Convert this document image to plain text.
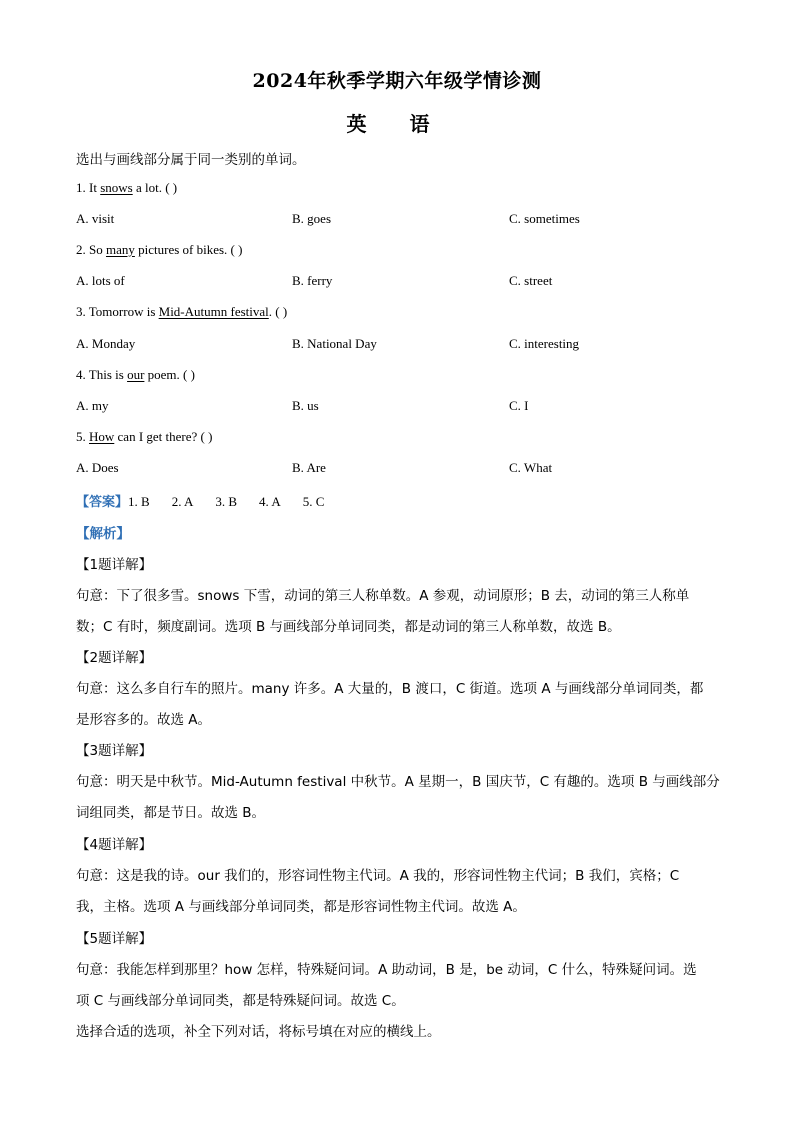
2024年秋季学期六年级学情诊测
英 语
选出与画线部分属于同一类别的单词。
1. It snows a lot. ( )
A. visit	B. goes	C. sometimes
2. So many pictures of bikes. ( )
A. lots of	B. ferry	C. street
3. Tomorrow is Mid-Autumn festival. ( )
A. Monday	B. National Day	C. interesting
4. This is our poem. ( )
A. my	B. us	C. I
5. How can I get there? ( )
A. Does	B. Are	C. What
【答案】1. B 2. A 3. B 4. A 5. C
【解析】
【1题详解】
句意：下了很多雪。snows 下雪，动词的第三人称单数。A 参观，动词原形；B 去，动词的第三人称单
数；C 有时，频度副词。选项 B 与画线部分单词同类，都是动词的第三人称单数，故选 B。
【2题详解】
句意：这么多自行车的照片。many 许多。A 大量的，B 渡口，C 街道。选项 A 与画线部分单词同类，都
是形容多的。故选 A。
【3题详解】
句意：明天是中秋节。Mid-Autumn festival 中秋节。A 星期一，B 国庆节，C 有趣的。选项 B 与画线部分
词组同类，都是节日。故选 B。
【4题详解】
句意：这是我的诗。our 我们的，形容词性物主代词。A 我的，形容词性物主代词；B 我们，宾格；C
我，主格。选项 A 与画线部分单词同类，都是形容词性物主代词。故选 A。
【5题详解】
句意：我能怎样到那里？how 怎样，特殊疑问词。A 助动词，B 是，be 动词，C 什么，特殊疑问词。选
项 C 与画线部分单词同类，都是特殊疑问词。故选 C。
选择合适的选项，补全下列对话，将标号填在对应的横线上。
